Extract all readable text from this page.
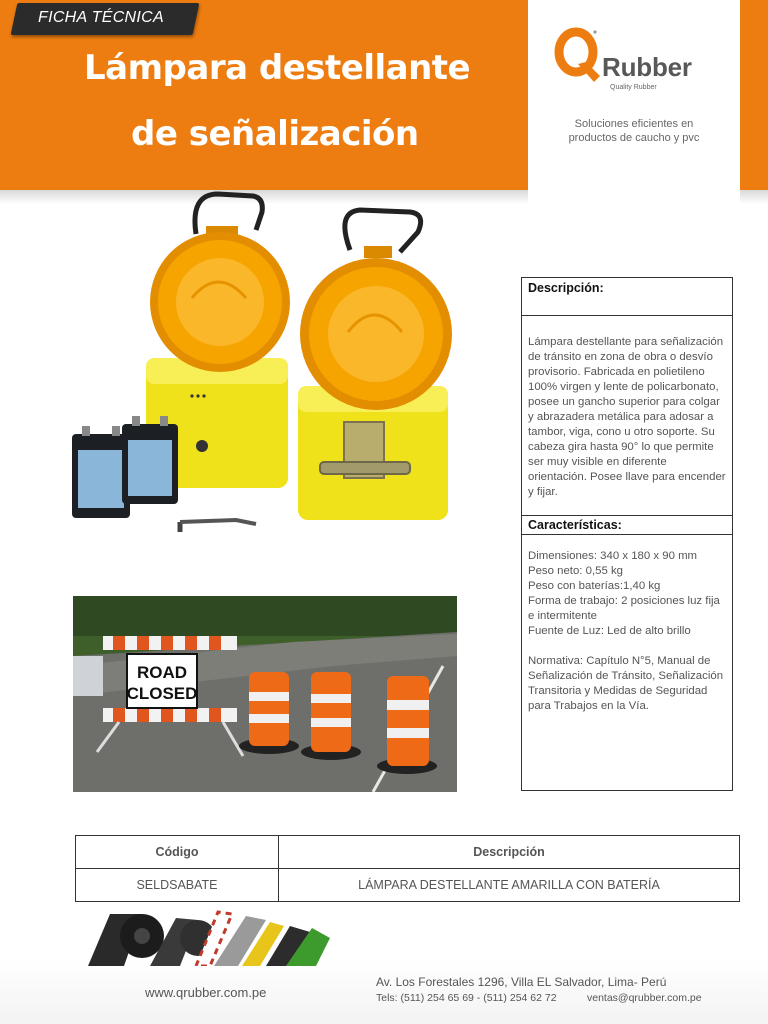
FICHA TÉCNICA
Lámpara destellante
de señalización
Rubber
Quality Rubber
Soluciones eficientes en
productos de caucho y pvc
ROAD
CLOSED
Descripción:
Lámpara destellante para señalización de tránsito en zona de obra o desvío provisorio. Fabricada en polietileno 100% virgen y lente de policarbonato, posee un gancho superior para colgar y abrazadera metálica para adosar a tambor, viga, cono u otro soporte. Su cabeza gira hasta 90° lo que permite ser muy visible en diferente orientación. Posee llave para encender y fijar.
Características:

Dimensiones: 340 x 180 x 90 mm

Peso neto: 0,55 kg

Peso con baterías:1,40 kg

Forma de trabajo: 2 posiciones luz fija e intermitente

Fuente de Luz: Led de alto brillo

Normativa: Capítulo N°5, Manual de Señalización de Tránsito, Señalización Transitoria y Medidas de Seguridad para Trabajos en la Vía.

Código	Descripción
SELDSABATE	LÁMPARA DESTELLANTE AMARILLA CON BATERÍA
www.qrubber.com.pe
Av. Los Forestales 1296, Villa EL Salvador, Lima- Perú
Tels: (511) 254 65 69 - (511) 254 62 72	ventas@qrubber.com.pe
